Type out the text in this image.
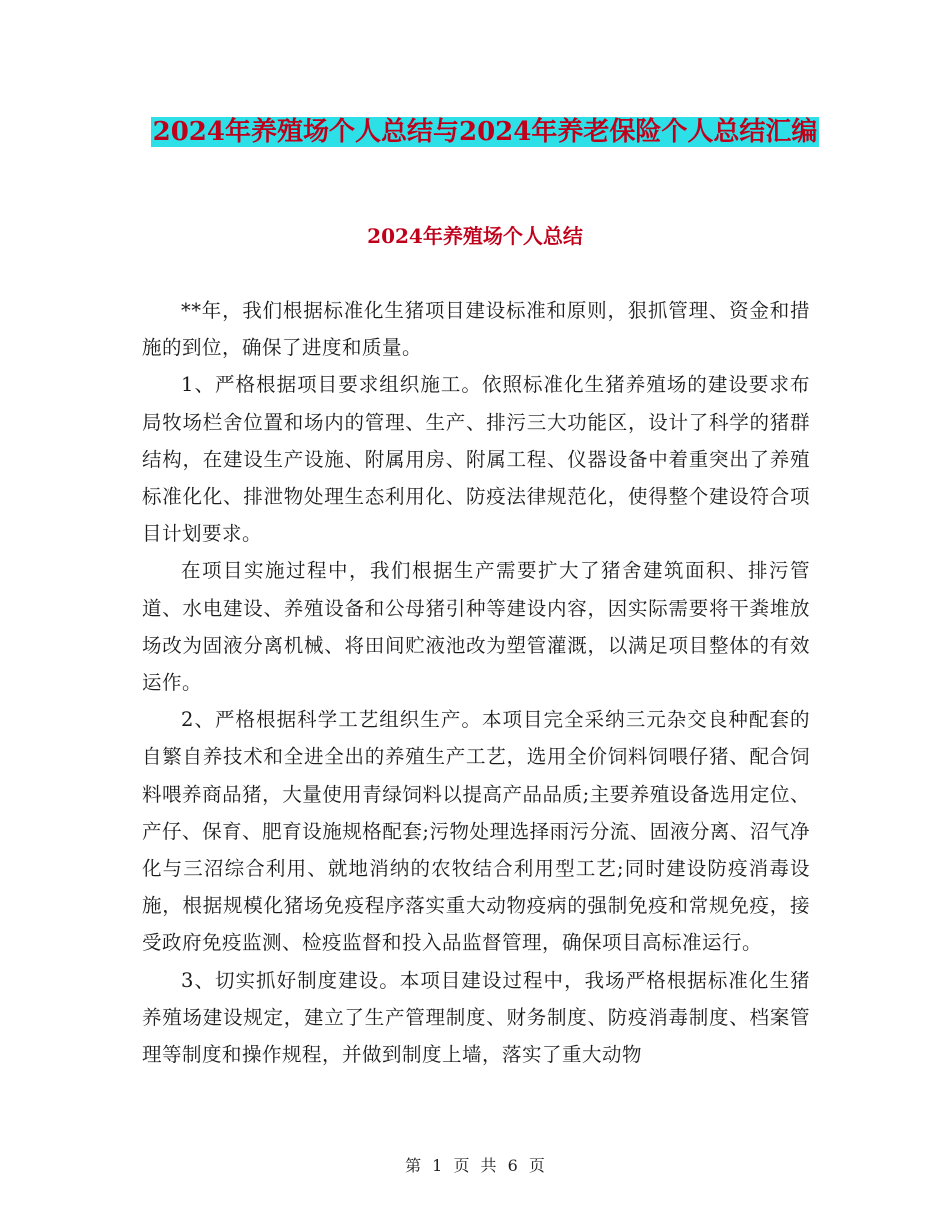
2024年养殖场个人总结与2024年养老保险个人总结汇编
2024年养殖场个人总结

**年，我们根据标准化生猪项目建设标准和原则，狠抓管理、资金和措施的到位，确保了进度和质量。

1、严格根据项目要求组织施工。依照标准化生猪养殖场的建设要求布局牧场栏舍位置和场内的管理、生产、排污三大功能区，设计了科学的猪群结构，在建设生产设施、附属用房、附属工程、仪器设备中着重突出了养殖标准化化、排泄物处理生态利用化、防疫法律规范化，使得整个建设符合项目计划要求。

在项目实施过程中，我们根据生产需要扩大了猪舍建筑面积、排污管道、水电建设、养殖设备和公母猪引种等建设内容，因实际需要将干粪堆放场改为固液分离机械、将田间贮液池改为塑管灌溉，以满足项目整体的有效运作。

2、严格根据科学工艺组织生产。本项目完全采纳三元杂交良种配套的自繁自养技术和全进全出的养殖生产工艺，选用全价饲料饲喂仔猪、配合饲料喂养商品猪，大量使用青绿饲料以提高产品品质;主要养殖设备选用定位、产仔、保育、肥育设施规格配套;污物处理选择雨污分流、固液分离、沼气净化与三沼综合利用、就地消纳的农牧结合利用型工艺;同时建设防疫消毒设施，根据规模化猪场免疫程序落实重大动物疫病的强制免疫和常规免疫，接受政府免疫监测、检疫监督和投入品监督管理，确保项目高标准运行。

3、切实抓好制度建设。本项目建设过程中，我场严格根据标准化生猪养殖场建设规定，建立了生产管理制度、财务制度、防疫消毒制度、档案管理等制度和操作规程，并做到制度上墙，落实了重大动物

第 1 页 共 6 页
